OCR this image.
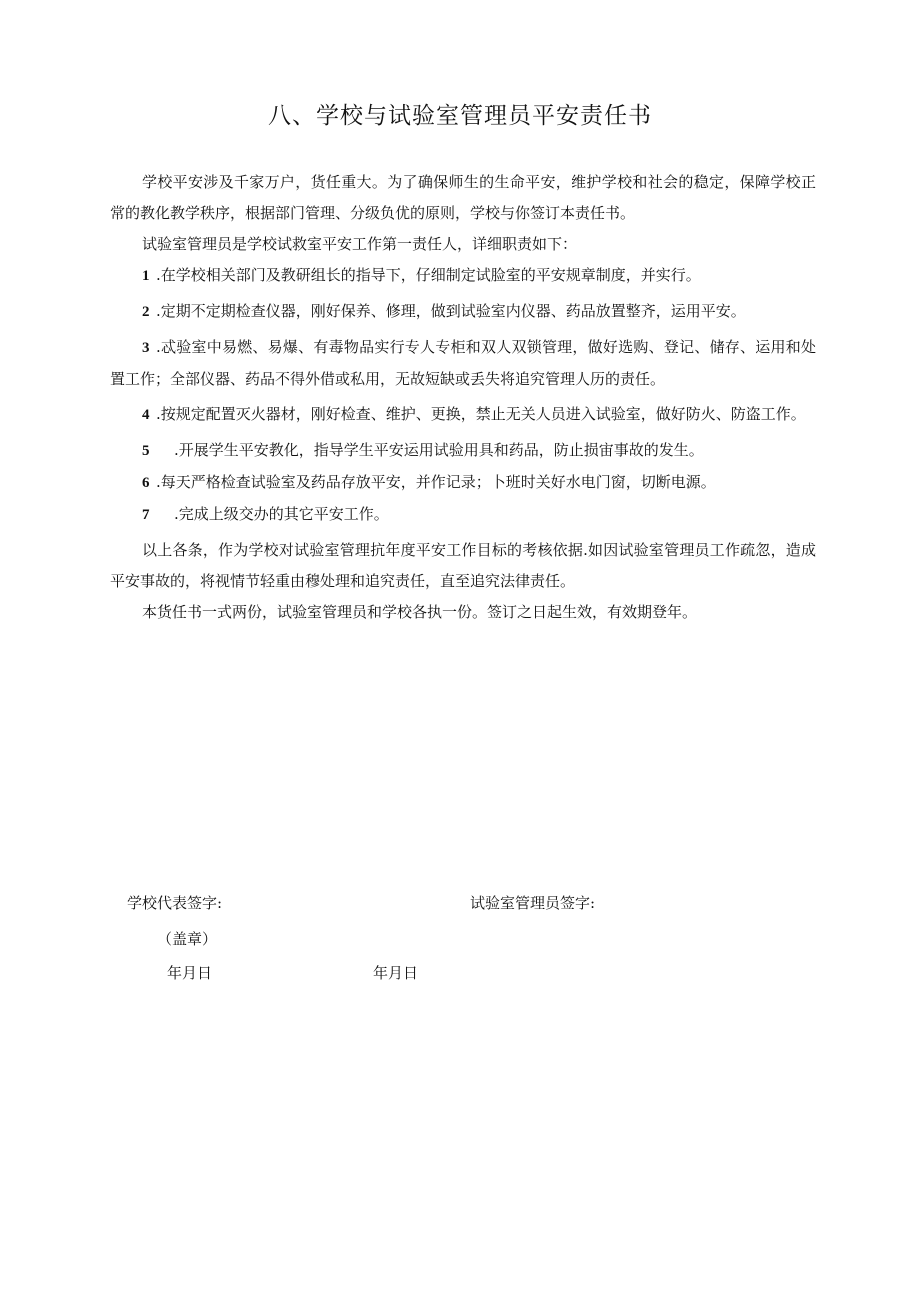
八、学校与试验室管理员平安责任书

学校平安涉及千家万户，货任重大。为了确保师生的生命平安，维护学校和社会的稳定，保障学校正常的教化教学秩序，根据部门管理、分级负优的原则，学校与你签订本责任书。

试验室管理员是学校试救室平安工作第一责任人，详细职责如下：

1 .在学校相关部门及教研组长的指导下，仔细制定试脸室的平安规章制度，并实行。

2 .定期不定期检查仪器，刚好保养、修理，做到试验室内仪器、药品放置整齐，运用平安。

3 .忒验室中易燃、易爆、有毒物品实行专人专柜和双人双锁管理，做好选购、登记、储存、运用和处置工作；全部仪器、药品不得外借或私用，无故短缺或丢失将追究管理人历的责任。

4 .按规定配置灭火器材，刚好检查、维护、更换，禁止无关人员进入试验室，做好防火、防盗工作。

5 .开展学生平安教化，指导学生平安运用试验用具和药品，防止损宙事故的发生。

6 .每天严格检查试验室及药品存放平安，并作记录；卜班时关好水电门窗，切断电源。

7 .完成上级交办的其它平安工作。

以上各条，作为学校对试验室管理抗年度平安工作目标的考核依据.如因试验室管理员工作疏忽，造成平安事故的，将视情节轻重由穆处理和追究责任，直至追究法律责任。

本货任书一式两份，试验室管理员和学校各执一份。签订之日起生效，有效期登年。

学校代表签字:	试验室管理员签字:
（盖章）
年月日	年月日
